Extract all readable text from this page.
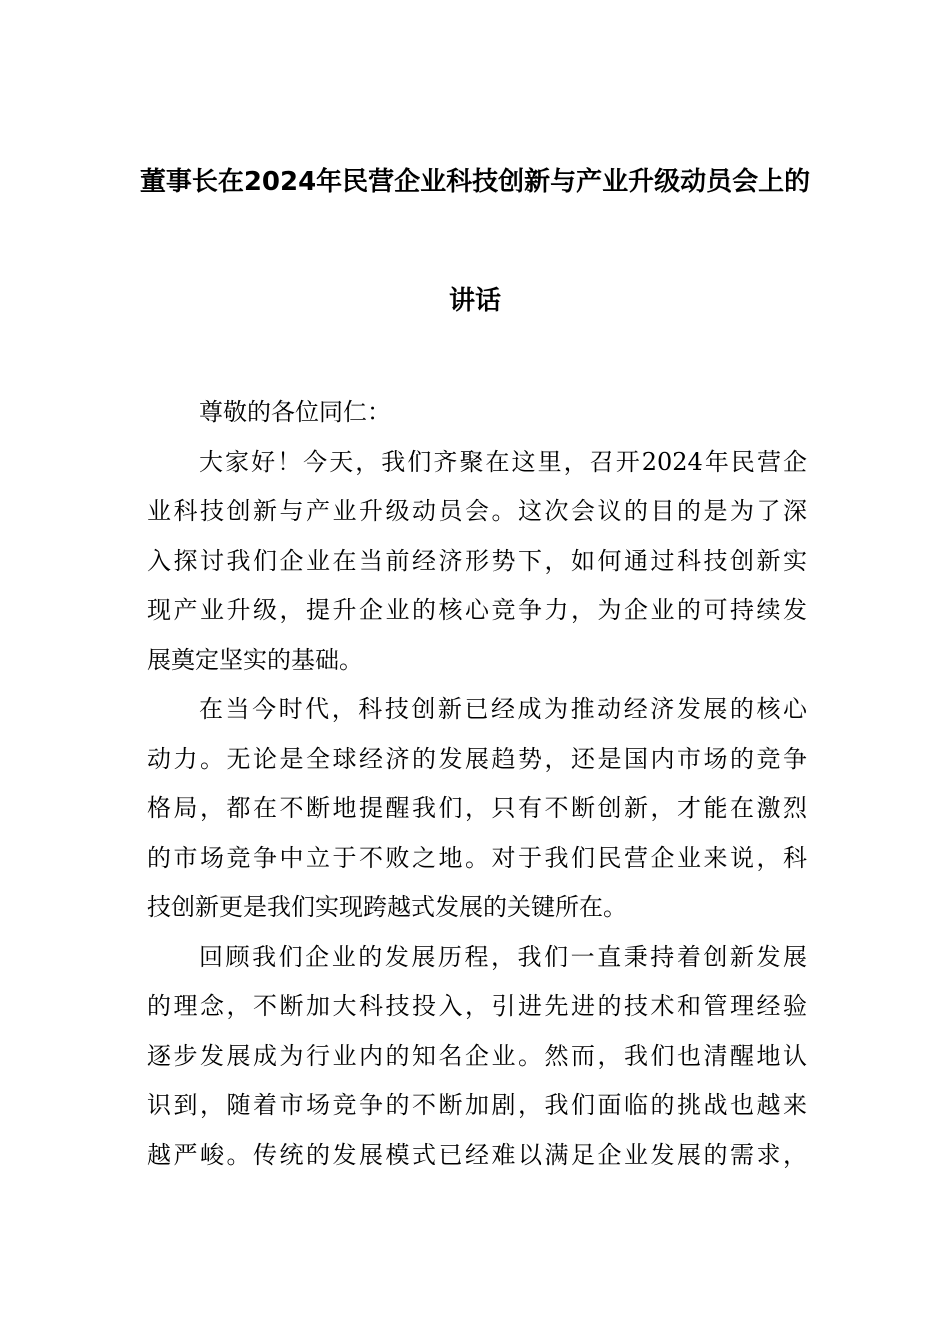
董事长在2024年民营企业科技创新与产业升级动员会上的
讲话
尊敬的各位同仁：
大家好！今天，我们齐聚在这里，召开2024年民营企
业科技创新与产业升级动员会。这次会议的目的是为了深
入探讨我们企业在当前经济形势下，如何通过科技创新实
现产业升级，提升企业的核心竞争力，为企业的可持续发
展奠定坚实的基础。
在当今时代，科技创新已经成为推动经济发展的核心
动力。无论是全球经济的发展趋势，还是国内市场的竞争
格局，都在不断地提醒我们，只有不断创新，才能在激烈
的市场竞争中立于不败之地。对于我们民营企业来说，科
技创新更是我们实现跨越式发展的关键所在。
回顾我们企业的发展历程，我们一直秉持着创新发展
的理念，不断加大科技投入，引进先进的技术和管理经验
逐步发展成为行业内的知名企业。然而，我们也清醒地认
识到，随着市场竞争的不断加剧，我们面临的挑战也越来
越严峻。传统的发展模式已经难以满足企业发展的需求，
